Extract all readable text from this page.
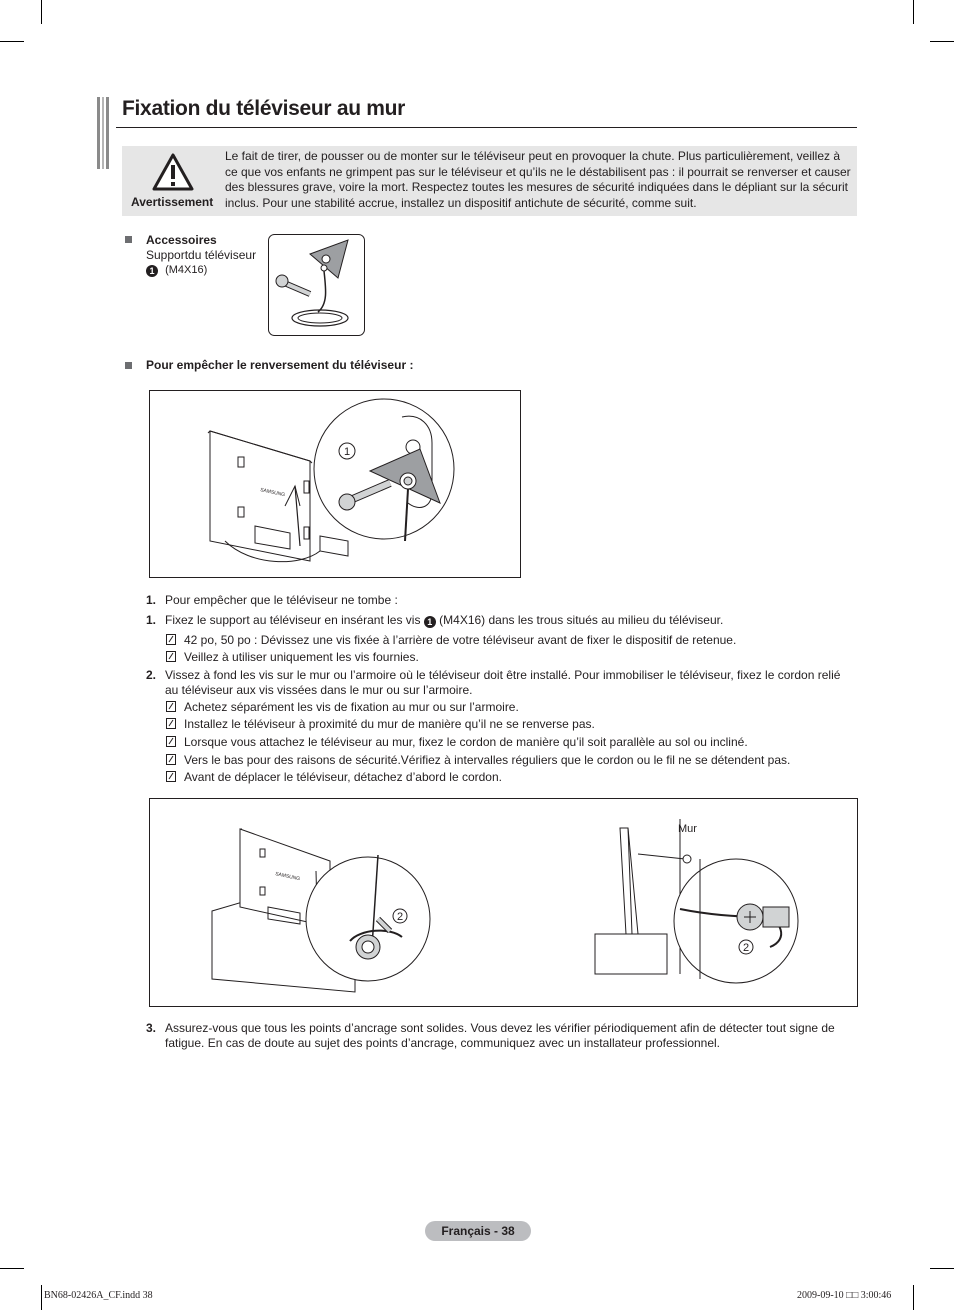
Fixation du téléviseur au mur
Avertissement
Le fait de tirer, de pousser ou de monter sur le téléviseur peut en provoquer la chute. Plus particulièrement, veillez à ce que vos enfants ne grimpent pas sur le téléviseur et qu’ils ne le déstabilisent pas : il pourrait se renverser et causer des blessures grave, voire la mort. Respectez toutes les mesures de sécurité indiquées dans le dépliant sur la sécurit inclus. Pour une stabilité accrue, installez un dispositif antichute de sécurité, comme suit.
Accessoires
Supportdu téléviseur
1 (M4X16)
Pour empêcher le renversement du téléviseur :
SAMSUNG
1
1. Pour empêcher que le téléviseur ne tombe :
1. Fixez le support au téléviseur en insérant les vis 1 (M4X16) dans les trous situés au milieu du téléviseur.
42 po, 50 po : Dévissez une vis fixée à l’arrière de votre téléviseur avant de fixer le dispositif de retenue.
Veillez à utiliser uniquement les vis fournies.
2. Vissez à fond les vis sur le mur ou l’armoire où le téléviseur doit être installé. Pour immobiliser le téléviseur, fixez le cordon relié
au téléviseur aux vis vissées dans le mur ou sur l’armoire.
Achetez séparément les vis de fixation au mur ou sur l’armoire.
Installez le téléviseur à proximité du mur de manière qu’il ne se renverse pas.
Lorsque vous attachez le téléviseur au mur, fixez le cordon de manière qu’il soit parallèle au sol ou incliné.
Vers le bas pour des raisons de sécurité.Vérifiez à intervalles réguliers que le cordon ou le fil ne se détendent pas.
Avant de déplacer le téléviseur, détachez d’abord le cordon.
SAMSUNG
2
Mur
2
3. Assurez-vous que tous les points d’ancrage sont solides. Vous devez les vérifier périodiquement afin de détecter tout signe de
fatigue. En cas de doute au sujet des points d’ancrage, communiquez avec un installateur professionnel.
Français - 38
BN68-02426A_CF.indd 38	2009-09-10 □□ 3:00:46
